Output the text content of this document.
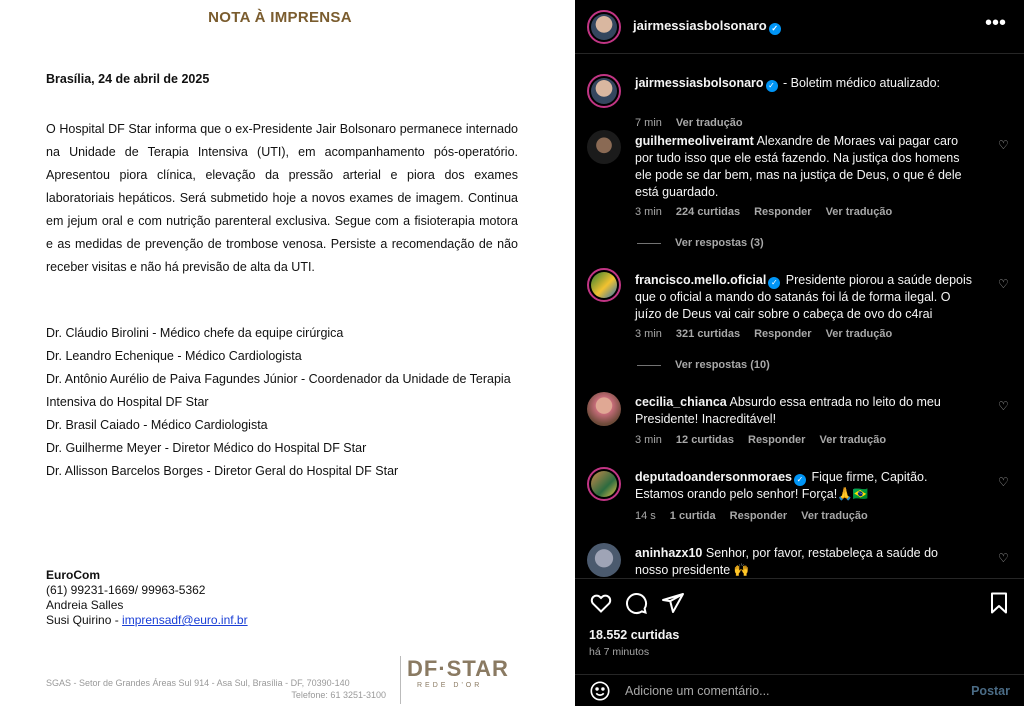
NOTA À IMPRENSA
Brasília, 24 de abril de 2025
O Hospital DF Star informa que o ex-Presidente Jair Bolsonaro permanece internado na Unidade de Terapia Intensiva (UTI), em acompanhamento pós-operatório. Apresentou piora clínica, elevação da pressão arterial e piora dos exames laboratoriais hepáticos. Será submetido hoje a novos exames de imagem. Continua em jejum oral e com nutrição parenteral exclusiva. Segue com a fisioterapia motora e as medidas de prevenção de trombose venosa. Persiste a recomendação de não receber visitas e não há previsão de alta da UTI.
Dr. Cláudio Birolini - Médico chefe da equipe cirúrgica
Dr. Leandro Echenique - Médico Cardiologista
Dr. Antônio Aurélio de Paiva Fagundes Júnior - Coordenador da Unidade de Terapia Intensiva do Hospital DF Star
Dr. Brasil Caiado - Médico Cardiologista
Dr. Guilherme Meyer - Diretor Médico do Hospital DF Star
Dr. Allisson Barcelos Borges - Diretor Geral do Hospital DF Star
EuroCom
(61) 99231-1669/ 99963-5362
Andreia Salles
Susi Quirino - imprensadf@euro.inf.br
SGAS - Setor de Grandes Áreas Sul 914 - Asa Sul, Brasília - DF, 70390-140
Telefone: 61 3251-3100
DF·STAR
REDE D'OR
jairmessiasbolsonaro ✓	•••
jairmessiasbolsonaro ✓ - Boletim médico atualizado:
7 min Ver tradução
guilhermeoliveiramt Alexandre de Moraes vai pagar caro por tudo isso que ele está fazendo. Na justiça dos homens ele pode se dar bem, mas na justiça de Deus, o que é dele está guardado.
♡
3 min 224 curtidas Responder Ver tradução
Ver respostas (3)
francisco.mello.oficial ✓ Presidente piorou a saúde depois que o oficial a mando do satanás foi lá de forma ilegal. O juízo de Deus vai cair sobre o cabeça de ovo do c4rai
♡
3 min 321 curtidas Responder Ver tradução
Ver respostas (10)
cecilia_chianca Absurdo essa entrada no leito do meu Presidente! Inacreditável!
♡
3 min 12 curtidas Responder Ver tradução
deputadoandersonmoraes ✓ Fique firme, Capitão. Estamos orando pelo senhor! Força!🙏🇧🇷
♡
14 s 1 curtida Responder Ver tradução
aninhazx10 Senhor, por favor, restabeleça a saúde do nosso presidente 🙌
♡
18.552 curtidas
há 7 minutos
Adicione um comentário...
Postar
